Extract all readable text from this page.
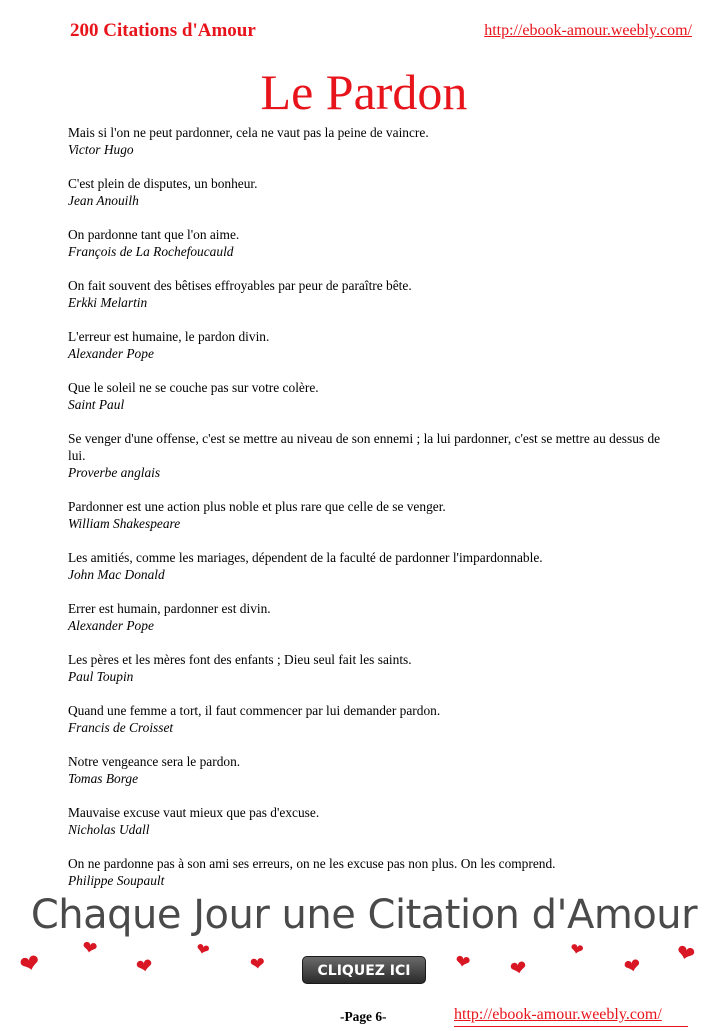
200 Citations d'Amour	http://ebook-amour.weebly.com/
Le Pardon
Mais si l'on ne peut pardonner, cela ne vaut pas la peine de vaincre.
Victor Hugo
C'est plein de disputes, un bonheur.
Jean Anouilh
On pardonne tant que l'on aime.
François de La Rochefoucauld
On fait souvent des bêtises effroyables par peur de paraître bête.
Erkki Melartin
L'erreur est humaine, le pardon divin.
Alexander Pope
Que le soleil ne se couche pas sur votre colère.
Saint Paul
Se venger d'une offense, c'est se mettre au niveau de son ennemi ; la lui pardonner, c'est se mettre au dessus de lui.
Proverbe anglais
Pardonner est une action plus noble et plus rare que celle de se venger.
William Shakespeare
Les amitiés, comme les mariages, dépendent de la faculté de pardonner l'impardonnable.
John Mac Donald
Errer est humain, pardonner est divin.
Alexander Pope
Les pères et les mères font des enfants ; Dieu seul fait les saints.
Paul Toupin
Quand une femme a tort, il faut commencer par lui demander pardon.
Francis de Croisset
Notre vengeance sera le pardon.
Tomas Borge
Mauvaise excuse vaut mieux que pas d'excuse.
Nicholas Udall
On ne pardonne pas à son ami ses erreurs, on ne les excuse pas non plus. On les comprend.
Philippe Soupault
Chaque Jour une Citation d'Amour
❤ ❤
❤
❤
❤	❤ ❤
❤
❤ ❤
CLIQUEZ ICI
-Page 6-	http://ebook-amour.weebly.com/
